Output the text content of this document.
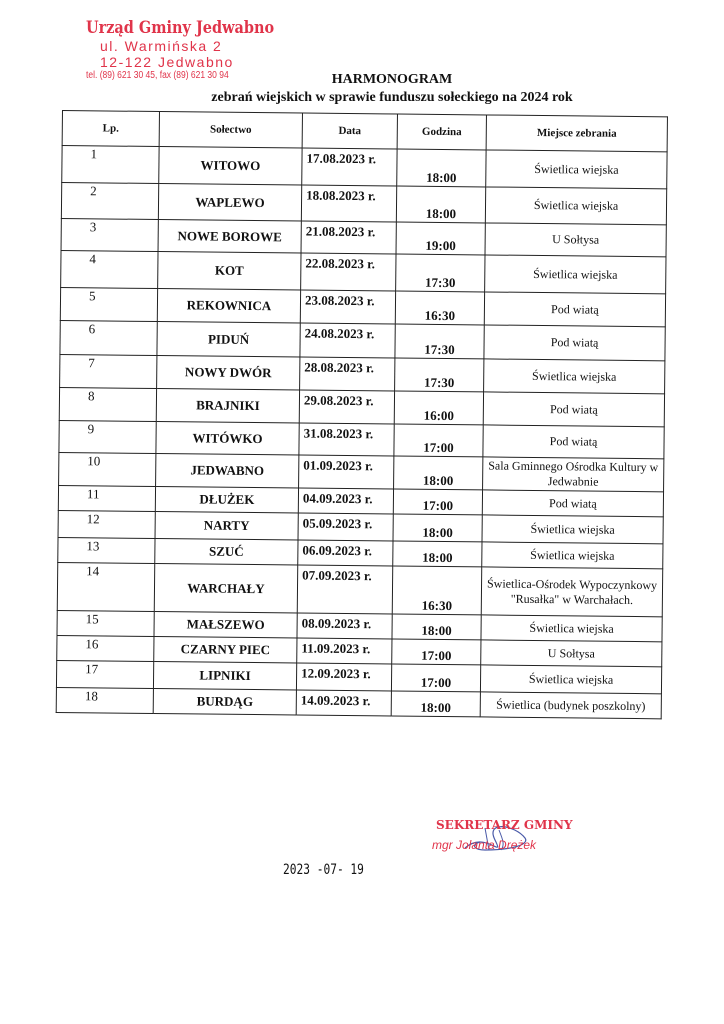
Urząd Gminy Jedwabno
ul. Warmińska 2
12-122 Jedwabno
tel. (89) 621 30 45, fax (89) 621 30 94	HARMONOGRAM
zebrań wiejskich w sprawie funduszu sołeckiego na 2024 rok
Lp.	Sołectwo	Data	Godzina	Miejsce zebrania
1	WITOWO	17.08.2023 r.	18:00	Świetlica wiejska
2	WAPLEWO	18.08.2023 r.	18:00	Świetlica wiejska
3	NOWE BOROWE	21.08.2023 r.	19:00	U Sołtysa
4	KOT	22.08.2023 r.	17:30	Świetlica wiejska
5	REKOWNICA	23.08.2023 r.	16:30	Pod wiatą
6	PIDUŃ	24.08.2023 r.	17:30	Pod wiatą
7	NOWY DWÓR	28.08.2023 r.	17:30	Świetlica wiejska
8	BRAJNIKI	29.08.2023 r.	16:00	Pod wiatą
9	WITÓWKO	31.08.2023 r.	17:00	Pod wiatą
10	JEDWABNO	01.09.2023 r.	18:00	Sala Gminnego Ośrodka Kultury w Jedwabnie
11	DŁUŻEK	04.09.2023 r.	17:00	Pod wiatą
12	NARTY	05.09.2023 r.	18:00	Świetlica wiejska
13	SZUĆ	06.09.2023 r.	18:00	Świetlica wiejska
14	WARCHAŁY	07.09.2023 r.	16:30	Świetlica-Ośrodek Wypoczynkowy "Rusałka" w Warchałach.
15	MAŁSZEWO	08.09.2023 r.	18:00	Świetlica wiejska
16	CZARNY PIEC	11.09.2023 r.	17:00	U Sołtysa
17	LIPNIKI	12.09.2023 r.	17:00	Świetlica wiejska
18	BURDĄG	14.09.2023 r.	18:00	Świetlica (budynek poszkolny)
SEKRETARZ GMINY
mgr Jolanta Drężek
2023 -07- 19
